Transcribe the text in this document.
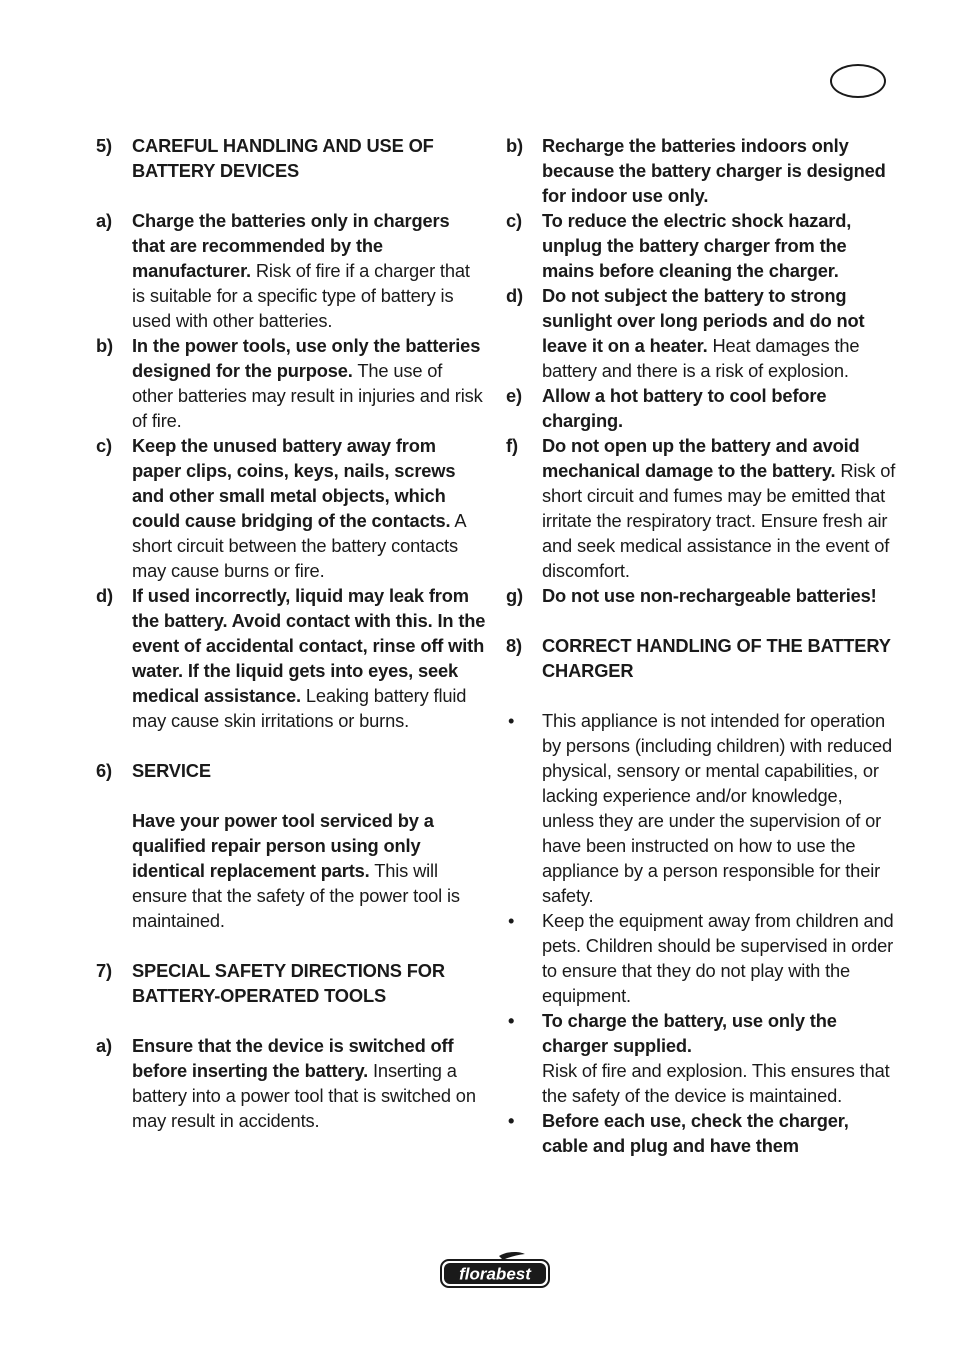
5)	CAREFUL HANDLING AND USE OF BATTERY DEVICES
a)	Charge the batteries only in chargers that are recommended by the manufacturer. Risk of fire if a charger that is suitable for a specific type of battery is used with other batteries.
b)	In the power tools, use only the batteries designed for the purpose. The use of other batteries may result in injuries and risk of fire.
c)	Keep the unused battery away from paper clips, coins, keys, nails, screws and other small metal objects, which could cause bridging of the contacts. A short circuit between the battery contacts may cause burns or fire.
d)	If used incorrectly, liquid may leak from the battery. Avoid contact with this. In the event of accidental contact, rinse off with water. If the liquid gets into eyes, seek medical assistance. Leaking battery fluid may cause skin irritations or burns.
6)	SERVICE
Have your power tool serviced by a qualified repair person using only identical replacement parts. This will ensure that the safety of the power tool is maintained.
7)	SPECIAL SAFETY DIRECTIONS FOR BATTERY-OPERATED TOOLS
a)	Ensure that the device is switched off before inserting the battery. Inserting a battery into a power tool that is switched on may result in accidents.
b)	Recharge the batteries indoors only because the battery charger is designed for indoor use only.
c)	To reduce the electric shock hazard, unplug the battery charger from the mains before cleaning the charger.
d)	Do not subject the battery to strong sunlight over long periods and do not leave it on a heater. Heat damages the battery and there is a risk of explosion.
e)	Allow a hot battery to cool before charging.
f)	Do not open up the battery and avoid mechanical damage to the battery. Risk of short circuit and fumes may be emitted that irritate the respiratory tract. Ensure fresh air and seek medical assistance in the event of discomfort.
g)	Do not use non-rechargeable batteries!
8)	CORRECT HANDLING OF THE BATTERY CHARGER
•	This appliance is not intended for operation by persons (including children) with reduced physical, sensory or mental capabilities, or lacking experience and/or knowledge, unless they are under the supervision of or have been instructed on how to use the appliance by a person responsible for their safety.
•	Keep the equipment away from children and pets. Children should be supervised in order to ensure that they do not play with the equipment.
•	To charge the battery, use only the charger supplied.
Risk of fire and explosion. This ensures that the safety of the device is maintained.
•	Before each use, check the charger, cable and plug and have them
florabest
